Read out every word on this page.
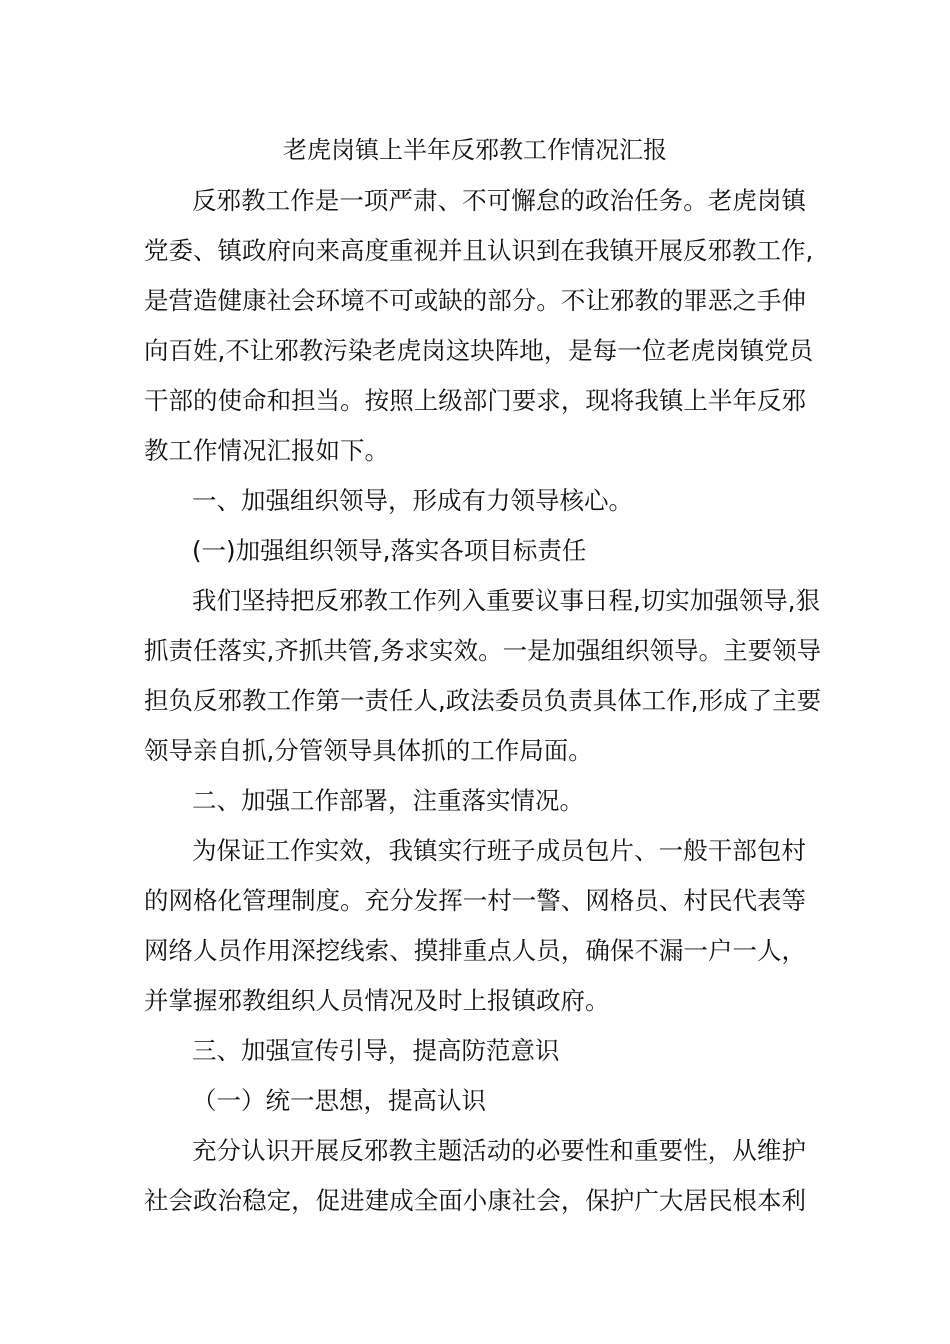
老虎岗镇上半年反邪教工作情况汇报

反邪教工作是一项严肃、不可懈怠的政治任务。老虎岗镇

党委、镇政府向来高度重视并且认识到在我镇开展反邪教工作,

是营造健康社会环境不可或缺的部分。不让邪教的罪恶之手伸

向百姓,不让邪教污染老虎岗这块阵地，是每一位老虎岗镇党员

干部的使命和担当。按照上级部门要求，现将我镇上半年反邪

教工作情况汇报如下。

一、加强组织领导，形成有力领导核心。

(一)加强组织领导,落实各项目标责任

我们坚持把反邪教工作列入重要议事日程,切实加强领导,狠

抓责任落实,齐抓共管,务求实效。一是加强组织领导。主要领导

担负反邪教工作第一责任人,政法委员负责具体工作,形成了主要

领导亲自抓,分管领导具体抓的工作局面。

二、加强工作部署，注重落实情况。

为保证工作实效，我镇实行班子成员包片、一般干部包村

的网格化管理制度。充分发挥一村一警、网格员、村民代表等

网络人员作用深挖线索、摸排重点人员，确保不漏一户一人，

并掌握邪教组织人员情况及时上报镇政府。

三、加强宣传引导，提高防范意识

（一）统一思想，提高认识

充分认识开展反邪教主题活动的必要性和重要性，从维护

社会政治稳定，促进建成全面小康社会，保护广大居民根本利
